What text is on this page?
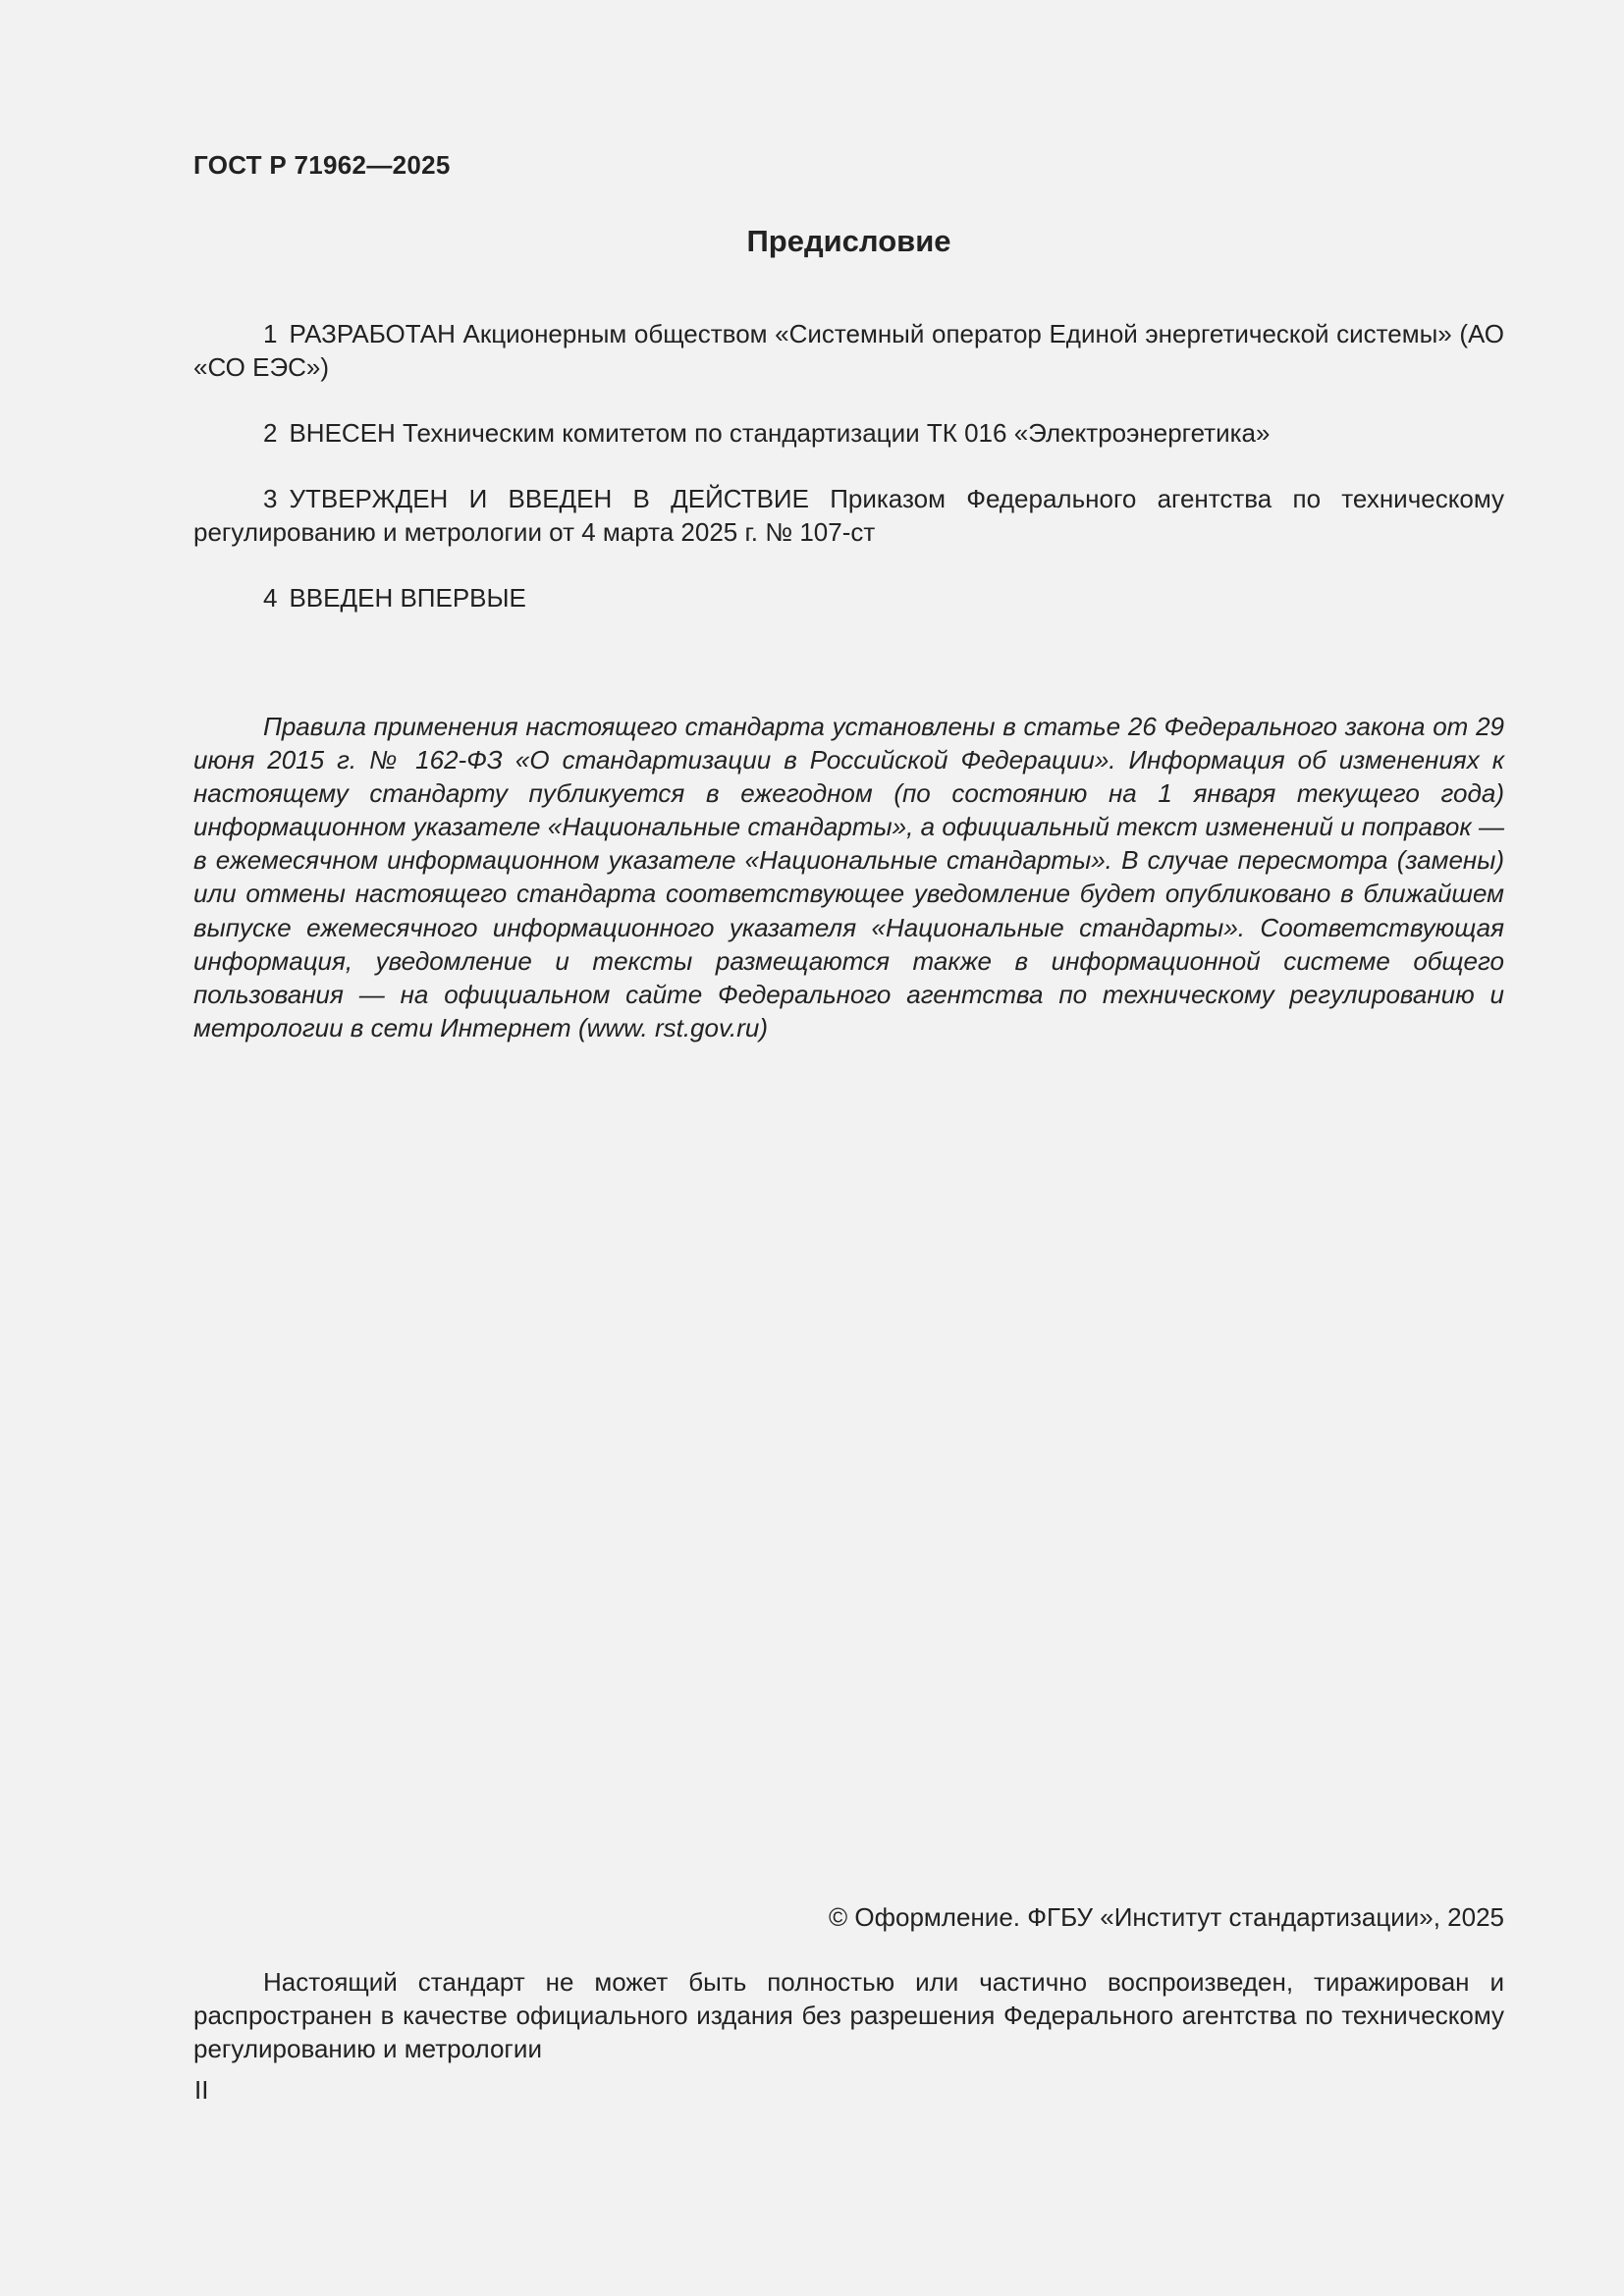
ГОСТ Р 71962—2025
Предисловие
1 РАЗРАБОТАН Акционерным обществом «Системный оператор Единой энергетической системы» (АО «СО ЕЭС»)
2 ВНЕСЕН Техническим комитетом по стандартизации ТК 016 «Электроэнергетика»
3 УТВЕРЖДЕН И ВВЕДЕН В ДЕЙСТВИЕ Приказом Федерального агентства по техническому регулированию и метрологии от 4 марта 2025 г. № 107-ст
4 ВВЕДЕН ВПЕРВЫЕ
Правила применения настоящего стандарта установлены в статье 26 Федерального закона от 29 июня 2015 г. № 162-ФЗ «О стандартизации в Российской Федерации». Информация об изменениях к настоящему стандарту публикуется в ежегодном (по состоянию на 1 января текущего года) информационном указателе «Национальные стандарты», а официальный текст изменений и поправок — в ежемесячном информационном указателе «Национальные стандарты». В случае пересмотра (замены) или отмены настоящего стандарта соответствующее уведомление будет опубликовано в ближайшем выпуске ежемесячного информационного указателя «Национальные стандарты». Соответствующая информация, уведомление и тексты размещаются также в информационной системе общего пользования — на официальном сайте Федерального агентства по техническому регулированию и метрологии в сети Интернет (www. rst.gov.ru)
© Оформление. ФГБУ «Институт стандартизации», 2025
Настоящий стандарт не может быть полностью или частично воспроизведен, тиражирован и распространен в качестве официального издания без разрешения Федерального агентства по техническому регулированию и метрологии
II
